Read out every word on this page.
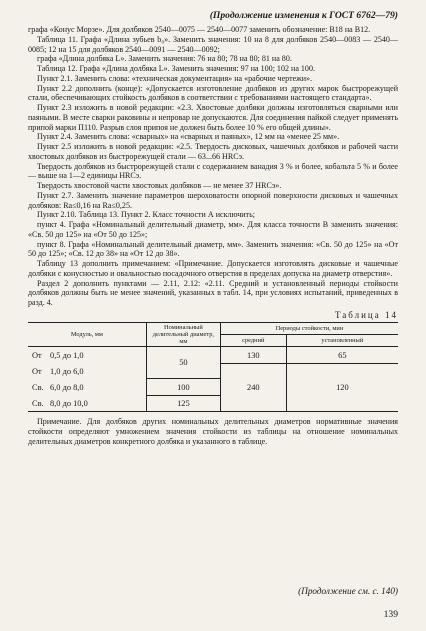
(Продолжение изменения к ГОСТ 6762—79)

графа «Конус Морзе». Для долбяков 2540—0075 — 2540—0077 заменить обозначение: B18 на B12.

Таблица 11. Графа «Длина зубьев b₀». Заменить значения: 10 на 8 для долбяков 2540—0083 — 2540—0085; 12 на 15 для долбяков 2540—0091 — 2540—0092;

графа «Длина долбяка L». Заменить значения: 76 на 80; 78 на 80; 81 на 80.

Таблица 12. Графа «Длина долбяка L». Заменить значения: 97 на 100; 102 на 100.

Пункт 2.1. Заменить слова: «техническая документация» на «рабочие чертежи».

Пункт 2.2 дополнить (конце): «Допускается изготовление долбяков из других марок быстрорежущей стали, обеспечивающих стойкость долбяков в соответствии с требованиями настоящего стандарта».

Пункт 2.3 изложить в новой редакции: «2.3. Хвостовые долбяки должны изготовляться сварными или паяными. В месте сварки раковины и непровар не допускаются. Для соединения пайкой следует применять припой марки П110. Разрыв слоя припоя не должен быть более 10 % его общей длины».

Пункт 2.4. Заменить слова: «сварных» на «сварных и паяных», 12 мм на «менее 25 мм».

Пункт 2.5 изложить в новой редакции: «2.5. Твердость дисковых, чашечных долбяков и рабочей части хвостовых долбяков из быстрорежущей стали — 63...66 HRCэ.

Твердость долбяков из быстрорежущей стали с содержанием ванадия 3 % и более, кобальта 5 % и более — выше на 1—2 единицы HRCэ.

Твердость хвостовой части хвостовых долбяков — не менее 37 HRCэ».

Пункт 2.7. Заменить значение параметров шероховатости опорной поверхности дисковых и чашечных долбяков: Ra≤0,16 на Ra≤0,25.

Пункт 2.10. Таблица 13. Пункт 2. Класс точности А исключить;

пункт 4. Графа «Номинальный делительный диаметр, мм». Для класса точности В заменить значения: «Св. 50 до 125» на «От 50 до 125»;

пункт 8. Графа «Номинальный делительный диаметр, мм». Заменить значения: «Св. 50 до 125» на «От 50 до 125»; «Св. 12 до 38» на «От 12 до 38».

Таблицу 13 дополнить примечанием: «Примечание. Допускается изготовлять дисковые и чашечные долбяки с конусностью и овальностью посадочного отверстия в пределах допуска на диаметр отверстия».

Раздел 2 дополнить пунктами — 2.11, 2.12: «2.11. Средний и установленный периоды стойкости долбяков должны быть не менее значений, указанных в табл. 14, при условиях испытаний, приведенных в разд. 4.

Таблица 14
Модуль, мм	Номинальный делительный диаметр, мм	Периоды стойкости, мин	
		средний	установленный
От 0,5 до 1,0	50	130	65
От 1,0 до 6,0		240	120
Св. 6,0 до 8,0	100		
Св. 8,0 до 10,0	125		

Примечание. Для долбяков других номинальных делительных диаметров нормативные значения стойкости определяют умножением значения стойкости из таблицы на отношение номинальных делительных диаметров конкретного долбяка и указанного в таблице.

(Продолжение см. с. 140)
139
